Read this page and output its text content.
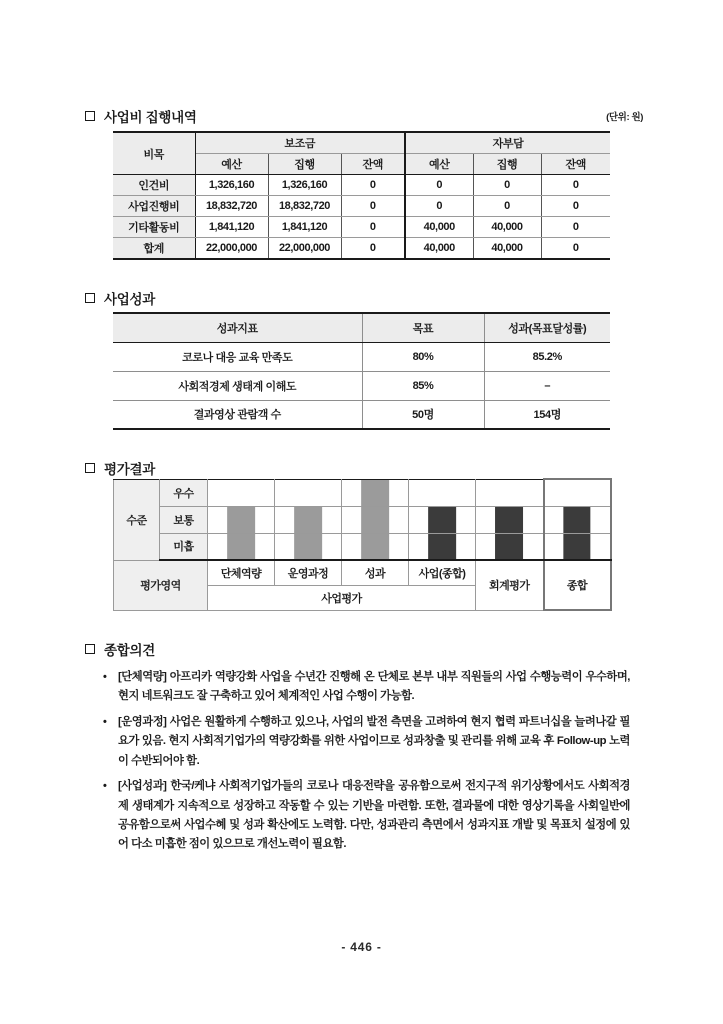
사업비 집행내역	(단위: 원)
비목	보조금			자부담		
	예산	집행	잔액	예산	집행	잔액
인건비	1,326,160	1,326,160	0	0	0	0
사업진행비	18,832,720	18,832,720	0	0	0	0
기타활동비	1,841,120	1,841,120	0	40,000	40,000	0
합계	22,000,000	22,000,000	0	40,000	40,000	0
사업성과
성과지표	목표	성과(목표달성률)
코로나 대응 교육 만족도	80%	85.2%
사회적경제 생태계 이해도	85%	–
결과영상 관람객 수	50명	154명
평가결과
수준	우수			

	보통	

	미흡	

평가영역		단체역량	운영과정	성과	사업(종합)	회계평가	종합
		사업평가					
종합의견
• [단체역량] 아프리카 역량강화 사업을 수년간 진행해 온 단체로 본부 내부 직원들의 사업 수행능력이 우수하며, 현지 네트워크도 잘 구축하고 있어 체계적인 사업 수행이 가능함.
• [운영과정] 사업은 원활하게 수행하고 있으나, 사업의 발전 측면을 고려하여 현지 협력 파트너십을 늘려나갈 필요가 있음. 현지 사회적기업가의 역량강화를 위한 사업이므로 성과창출 및 관리를 위해 교육 후 Follow-up 노력이 수반되어야 함.
• [사업성과] 한국/케냐 사회적기업가들의 코로나 대응전략을 공유함으로써 전지구적 위기상황에서도 사회적경제 생태계가 지속적으로 성장하고 작동할 수 있는 기반을 마련함. 또한, 결과물에 대한 영상기록을 사회일반에 공유함으로써 사업수혜 및 성과 확산에도 노력함. 다만, 성과관리 측면에서 성과지표 개발 및 목표치 설정에 있어 다소 미흡한 점이 있으므로 개선노력이 필요함.
- 446 -
